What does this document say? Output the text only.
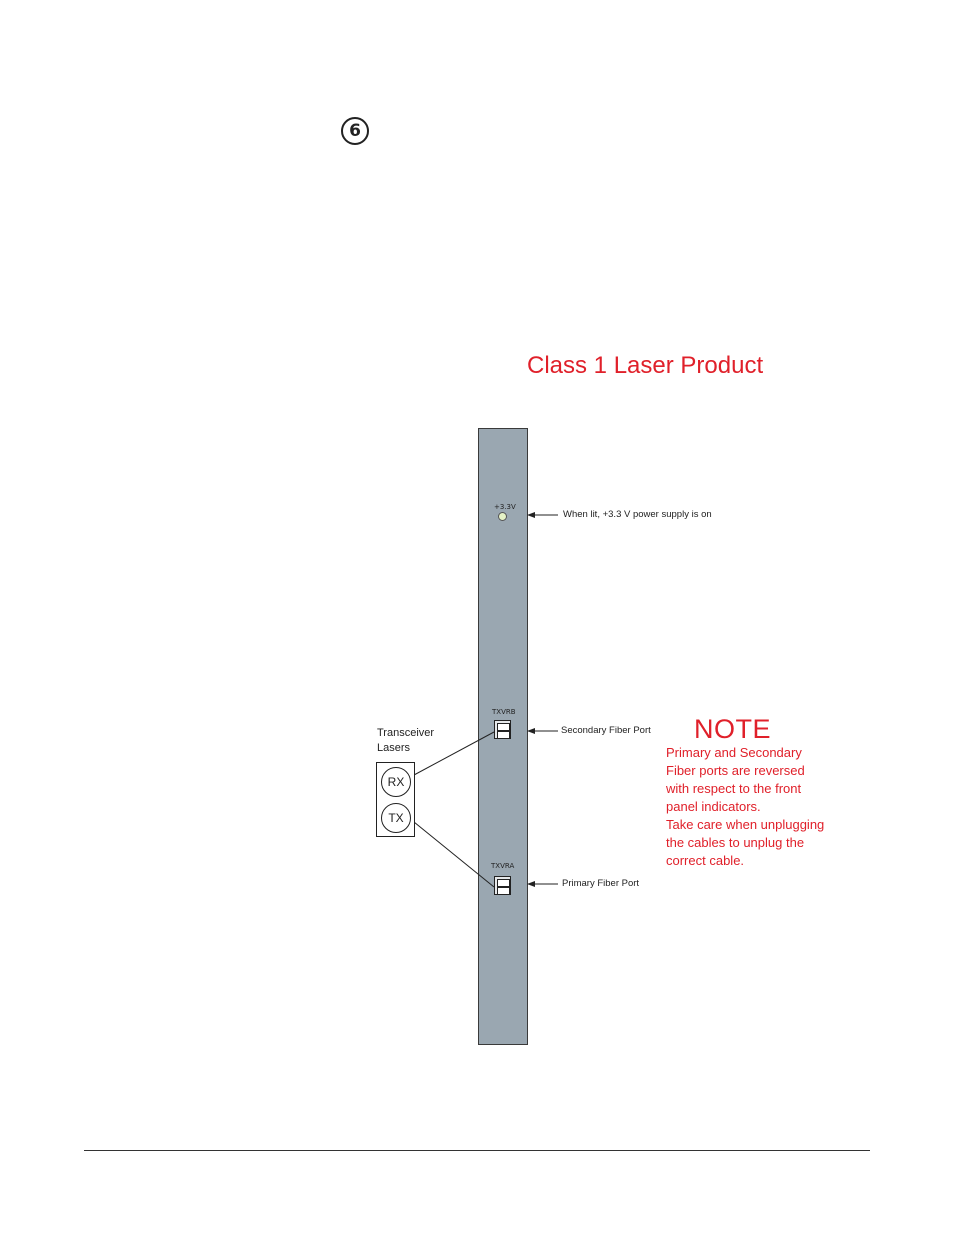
6
Class 1 Laser Product
+3.3V
TXVRB
TXVRA
When lit, +3.3 V power supply is on
Secondary Fiber Port
Primary Fiber Port
Transceiver
Lasers
RX
TX
NOTE
Primary and Secondary
Fiber ports are reversed
with respect to the front
panel indicators.
Take care when unplugging
the cables to unplug the
correct cable.
